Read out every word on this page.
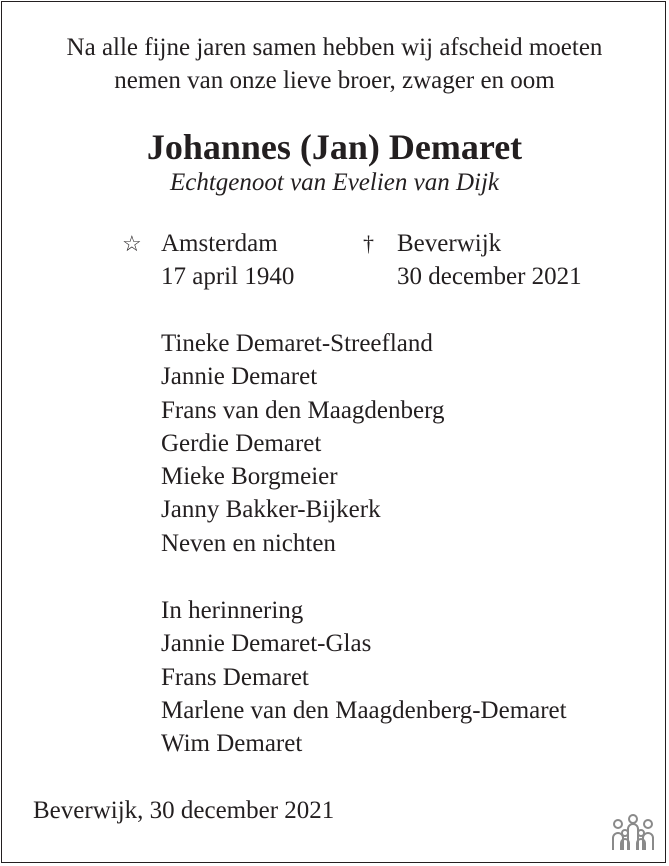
Na alle fijne jaren samen hebben wij afscheid moeten
nemen van onze lieve broer, zwager en oom
Johannes (Jan) Demaret
Echtgenoot van Evelien van Dijk
☆ Amsterdam
17 april 1940
† Beverwijk
30 december 2021
Tineke Demaret-Streefland
Jannie Demaret
Frans van den Maagdenberg
Gerdie Demaret
Mieke Borgmeier
Janny Bakker-Bijkerk
Neven en nichten
In herinnering
Jannie Demaret-Glas
Frans Demaret
Marlene van den Maagdenberg-Demaret
Wim Demaret
Beverwijk, 30 december 2021
